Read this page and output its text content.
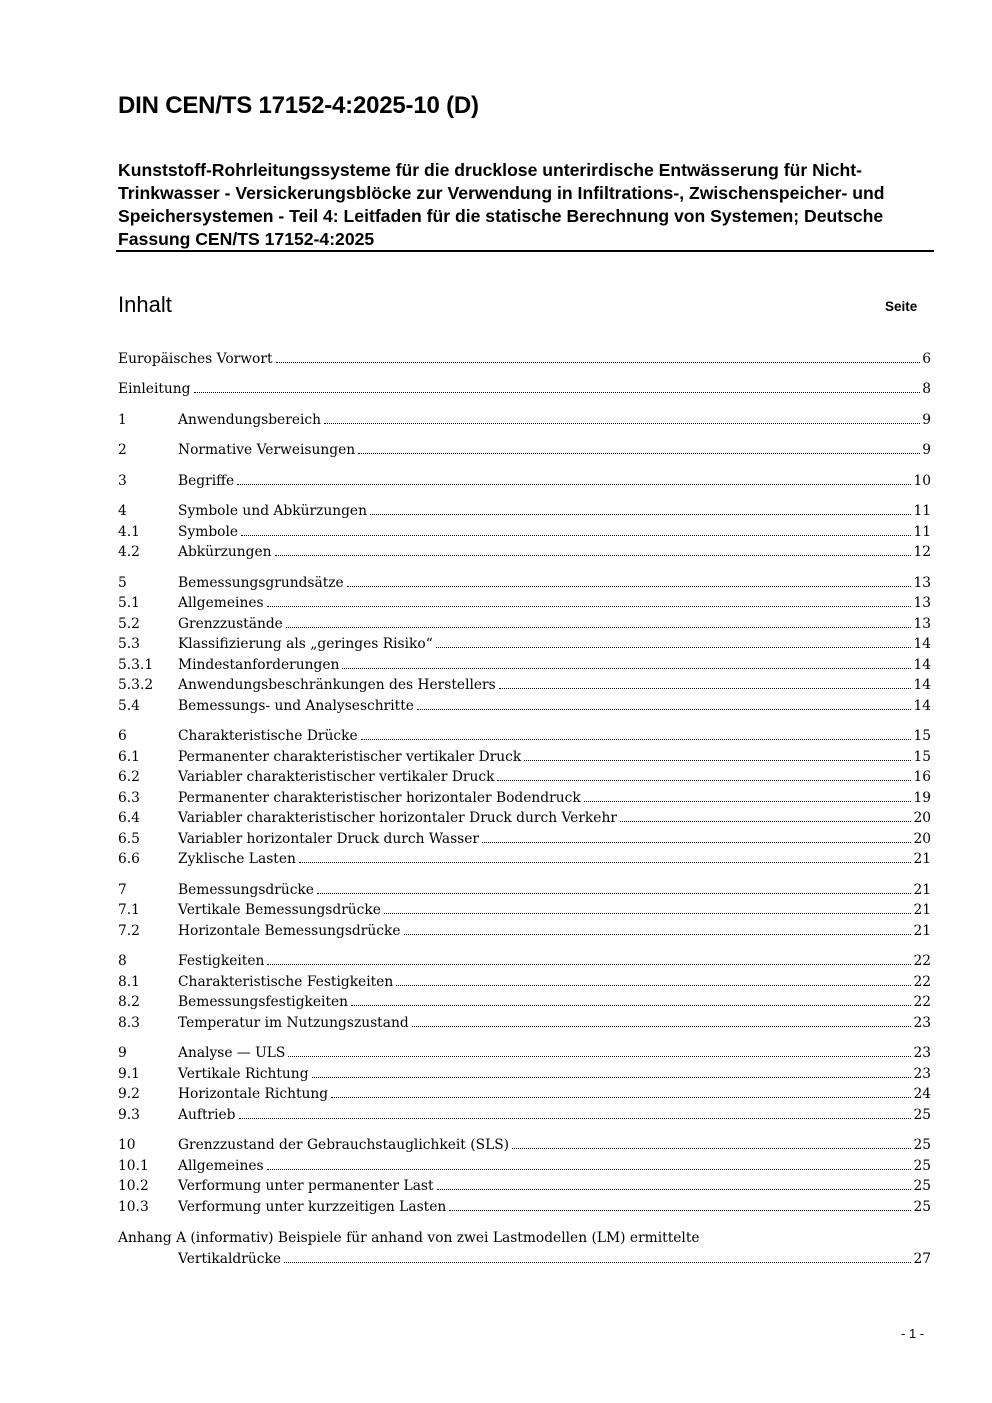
DIN CEN/TS 17152-4:2025-10 (D)
Kunststoff-Rohrleitungssysteme für die drucklose unterirdische Entwässerung für Nicht-Trinkwasser - Versickerungsblöcke zur Verwendung in Infiltrations-, Zwischenspeicher- und Speichersystemen - Teil 4: Leitfaden für die statische Berechnung von Systemen; Deutsche Fassung CEN/TS 17152-4:2025
Inhalt	Seite
Europäisches Vorwort	6
Einleitung	8
1	Anwendungsbereich	9
2	Normative Verweisungen	9
3	Begriffe	10
4	Symbole und Abkürzungen	11
4.1	Symbole	11
4.2	Abkürzungen	12
5	Bemessungsgrundsätze	13
5.1	Allgemeines	13
5.2	Grenzzustände	13
5.3	Klassifizierung als „geringes Risiko“	14
5.3.1	Mindestanforderungen	14
5.3.2	Anwendungsbeschränkungen des Herstellers	14
5.4	Bemessungs- und Analyseschritte	14
6	Charakteristische Drücke	15
6.1	Permanenter charakteristischer vertikaler Druck	15
6.2	Variabler charakteristischer vertikaler Druck	16
6.3	Permanenter charakteristischer horizontaler Bodendruck	19
6.4	Variabler charakteristischer horizontaler Druck durch Verkehr	20
6.5	Variabler horizontaler Druck durch Wasser	20
6.6	Zyklische Lasten	21
7	Bemessungsdrücke	21
7.1	Vertikale Bemessungsdrücke	21
7.2	Horizontale Bemessungsdrücke	21
8	Festigkeiten	22
8.1	Charakteristische Festigkeiten	22
8.2	Bemessungsfestigkeiten	22
8.3	Temperatur im Nutzungszustand	23
9	Analyse — ULS	23
9.1	Vertikale Richtung	23
9.2	Horizontale Richtung	24
9.3	Auftrieb	25
10	Grenzzustand der Gebrauchstauglichkeit (SLS)	25
10.1	Allgemeines	25
10.2	Verformung unter permanenter Last	25
10.3	Verformung unter kurzzeitigen Lasten	25
Anhang A (informativ) Beispiele für anhand von zwei Lastmodellen (LM) ermittelte
Vertikaldrücke	27
- 1 -
